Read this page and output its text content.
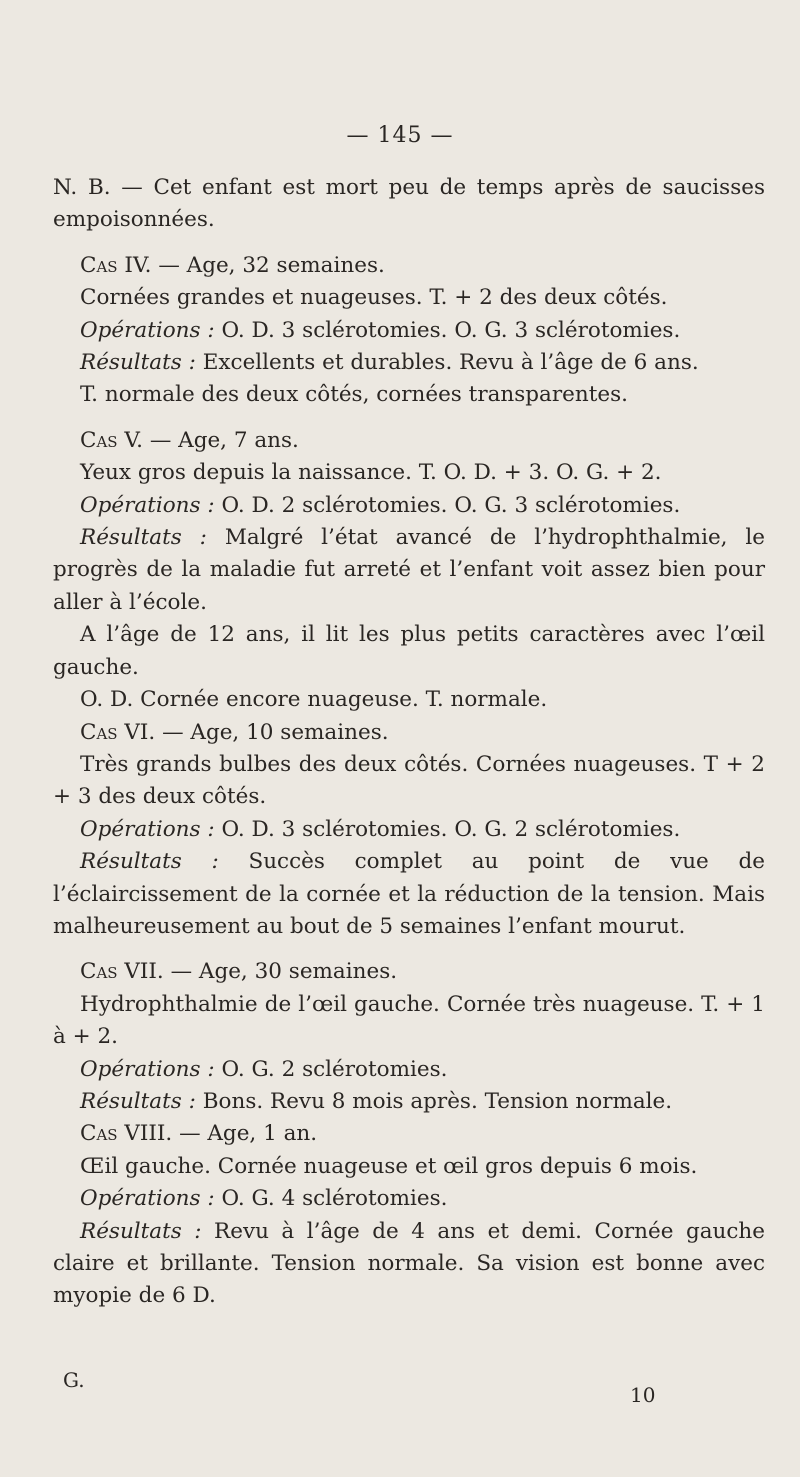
— 145 —

N. B. — Cet enfant est mort peu de temps après de saucisses empoisonnées.

Cas IV. — Age, 32 semaines.

Cornées grandes et nuageuses. T. + 2 des deux côtés.

Opérations : O. D. 3 sclérotomies. O. G. 3 sclérotomies.

Résultats : Excellents et durables. Revu à l’âge de 6 ans.

T. normale des deux côtés, cornées transparentes.

Cas V. — Age, 7 ans.

Yeux gros depuis la naissance. T. O. D. + 3. O. G. + 2.

Opérations : O. D. 2 sclérotomies. O. G. 3 sclérotomies.

Résultats : Malgré l’état avancé de l’hydrophthalmie, le progrès de la maladie fut arreté et l’enfant voit assez bien pour aller à l’école.

A l’âge de 12 ans, il lit les plus petits caractères avec l’œil gauche.

O. D. Cornée encore nuageuse. T. normale.

Cas VI. — Age, 10 semaines.

Très grands bulbes des deux côtés. Cornées nuageuses. T + 2 + 3 des deux côtés.

Opérations : O. D. 3 sclérotomies. O. G. 2 sclérotomies.

Résultats : Succès complet au point de vue de l’éclaircissement de la cornée et la réduction de la tension. Mais malheureusement au bout de 5 semaines l’enfant mourut.

Cas VII. — Age, 30 semaines.

Hydrophthalmie de l’œil gauche. Cornée très nuageuse. T. + 1 à + 2.

Opérations : O. G. 2 sclérotomies.

Résultats : Bons. Revu 8 mois après. Tension normale.

Cas VIII. — Age, 1 an.

Œil gauche. Cornée nuageuse et œil gros depuis 6 mois.

Opérations : O. G. 4 sclérotomies.

Résultats : Revu à l’âge de 4 ans et demi. Cornée gauche claire et brillante. Tension normale. Sa vision est bonne avec myopie de 6 D.

G.
10
